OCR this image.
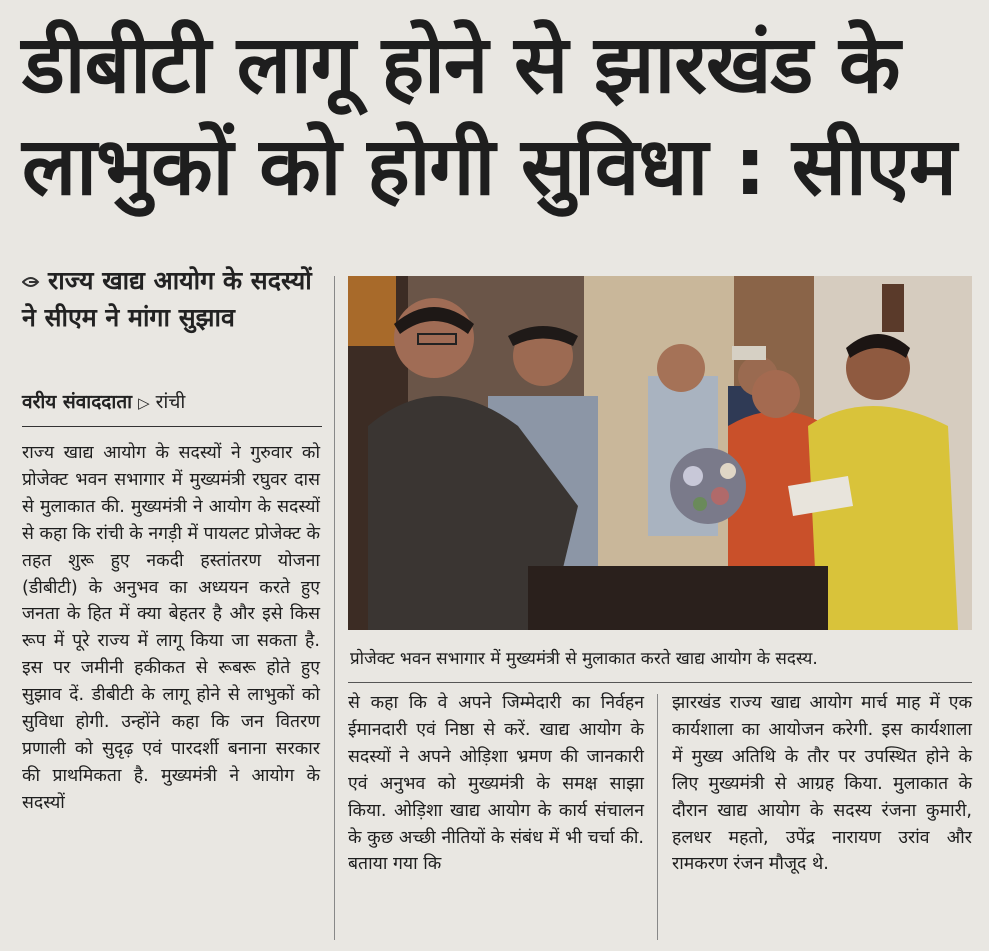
डीबीटी लागू होने से झारखंड के लाभुकों को होगी सुविधा : सीएम
राज्य खाद्य आयोग के सदस्यों ने सीएम ने मांगा सुझाव
वरीय संवाददाता ▷ रांची
राज्य खाद्य आयोग के सदस्यों ने गुरुवार को प्रोजेक्ट भवन सभागार में मुख्यमंत्री रघुवर दास से मुलाकात की. मुख्यमंत्री ने आयोग के सदस्यों से कहा कि रांची के नगड़ी में पायलट प्रोजेक्ट के तहत शुरू हुए नकदी हस्तांतरण योजना (डीबीटी) के अनुभव का अध्ययन करते हुए जनता के हित में क्या बेहतर है और इसे किस रूप में पूरे राज्य में लागू किया जा सकता है. इस पर जमीनी हकीकत से रूबरू होते हुए सुझाव दें. डीबीटी के लागू होने से लाभुकों को सुविधा होगी. उन्होंने कहा कि जन वितरण प्रणाली को सुदृढ़ एवं पारदर्शी बनाना सरकार की प्राथमिकता है. मुख्यमंत्री ने आयोग के सदस्यों
प्रोजेक्ट भवन सभागार में मुख्यमंत्री से मुलाकात करते खाद्य आयोग के सदस्य.
से कहा कि वे अपने जिम्मेदारी का निर्वहन ईमानदारी एवं निष्ठा से करें. खाद्य आयोग के सदस्यों ने अपने ओड़िशा भ्रमण की जानकारी एवं अनुभव को मुख्यमंत्री के समक्ष साझा किया. ओड़िशा खाद्य आयोग के कार्य संचालन के कुछ अच्छी नीतियों के संबंध में भी चर्चा की. बताया गया कि
झारखंड राज्य खाद्य आयोग मार्च माह में एक कार्यशाला का आयोजन करेगी. इस कार्यशाला में मुख्य अतिथि के तौर पर उपस्थित होने के लिए मुख्यमंत्री से आग्रह किया. मुलाकात के दौरान खाद्य आयोग के सदस्य रंजना कुमारी, हलधर महतो, उपेंद्र नारायण उरांव और रामकरण रंजन मौजूद थे.
